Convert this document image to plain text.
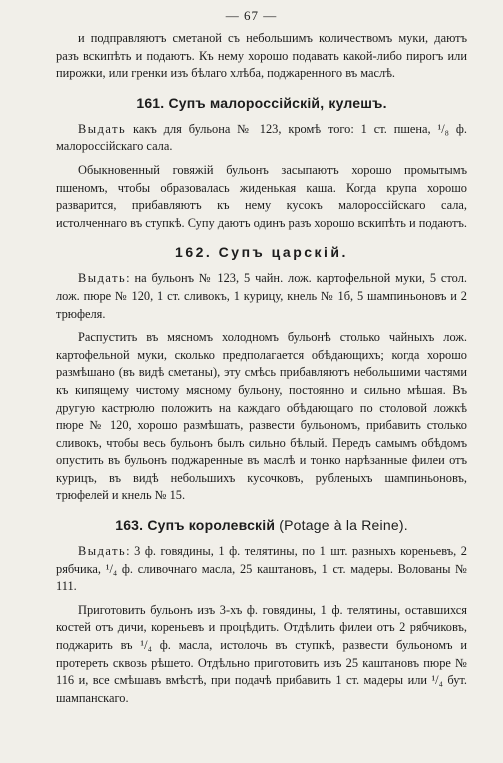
— 67 —

и подправляютъ сметаной съ небольшимъ количествомъ муки, даютъ разъ вскипѣть и подаютъ. Къ нему хорошо подавать какой-либо пирогъ или пирожки, или гренки изъ бѣлаго хлѣба, поджаренного въ маслѣ.

161. Супъ малороссійскій, кулешъ.

Выдать какъ для бульона № 123, кромѣ того: 1 ст. пшена, ¹/₈ ф. малороссійскаго сала.

Обыкновенный говяжій бульонъ засыпаютъ хорошо промытымъ пшеномъ, чтобы образовалась жиденькая каша. Когда крупа хорошо разварится, прибавляютъ къ нему кусокъ малороссійскаго сала, истолченнаго въ ступкѣ. Супу даютъ одинъ разъ хорошо вскипѣть и подаютъ.

162. Супъ царскій.

Выдать: на бульонъ № 123, 5 чайн. лож. картофельной муки, 5 стол. лож. пюре № 120, 1 ст. сливокъ, 1 курицу, кнель № 1б, 5 шампиньоновъ и 2 трюфеля.

Распустить въ мясномъ холодномъ бульонѣ столько чайныхъ лож. картофельной муки, сколько предполагается обѣдающихъ; когда хорошо размѣшано (въ видѣ сметаны), эту смѣсь прибавляютъ небольшими частями къ кипящему чистому мясному бульону, постоянно и сильно мѣшая. Въ другую кастрюлю положить на каждаго обѣдающаго по столовой ложкѣ пюре № 120, хорошо размѣшать, развести бульономъ, прибавить столько сливокъ, чтобы весь бульонъ былъ сильно бѣлый. Передъ самымъ обѣдомъ опустить въ бульонъ поджаренные въ маслѣ и тонко нарѣзанные филеи отъ курицъ, въ видѣ небольшихъ кусочковъ, рубленыхъ шампиньоновъ, трюфелей и кнель № 15.

163. Супъ королевскій (Potage à la Reine).

Выдать: 3 ф. говядины, 1 ф. телятины, по 1 шт. разныхъ кореньевъ, 2 рябчика, ¹/₄ ф. сливочнаго масла, 25 каштановъ, 1 ст. мадеры. Волованы № 111.

Приготовить бульонъ изъ 3-хъ ф. говядины, 1 ф. телятины, оставшихся костей отъ дичи, кореньевъ и процѣдить. Отдѣлить филеи отъ 2 рябчиковъ, поджарить въ ¹/₄ ф. масла, истолочь въ ступкѣ, развести бульономъ и протереть сквозь рѣшето. Отдѣльно приготовить изъ 25 каштановъ пюре № 116 и, все смѣшавъ вмѣстѣ, при подачѣ прибавить 1 ст. мадеры или ¹/₄ бут. шампанскаго.
